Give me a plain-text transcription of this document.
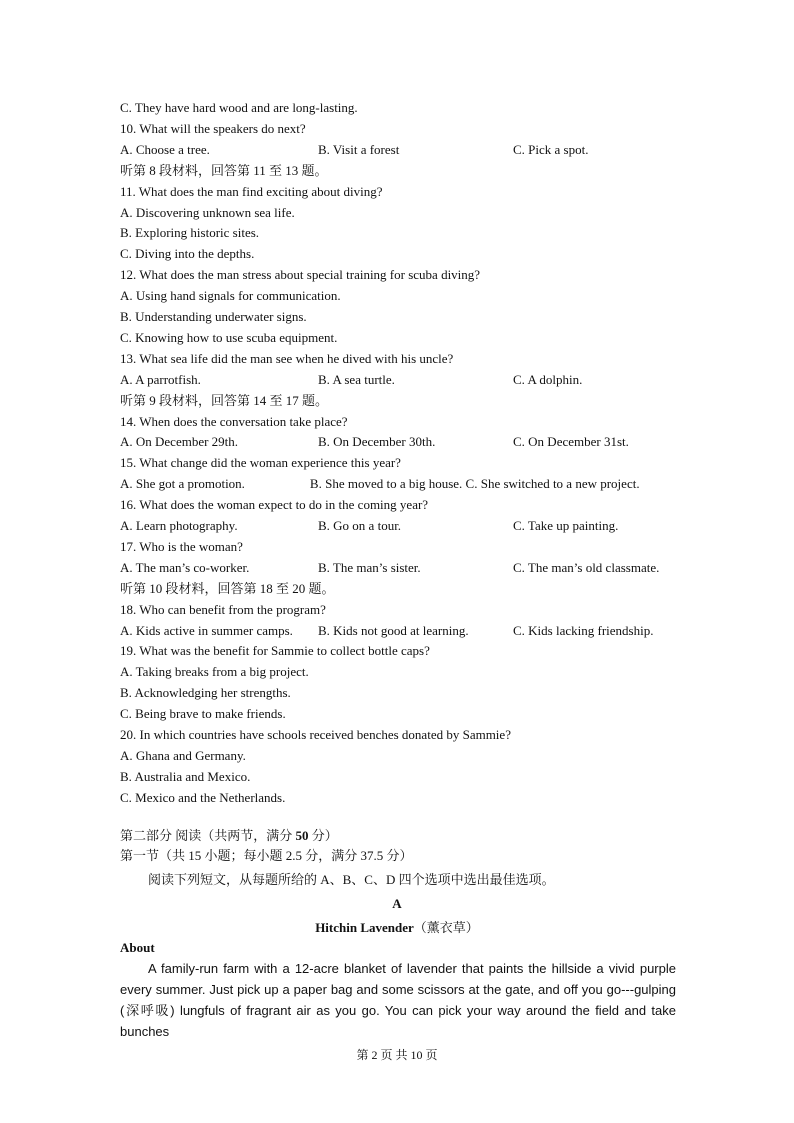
C. They have hard wood and are long-lasting.
10. What will the speakers do next?
A. Choose a tree.	B. Visit a forest	C. Pick a spot.
听第 8 段材料，回答第 11 至 13 题。
11. What does the man find exciting about diving?
A. Discovering unknown sea life.
B. Exploring historic sites.
C. Diving into the depths.
12. What does the man stress about special training for scuba diving?
A. Using hand signals for communication.
B. Understanding underwater signs.
C. Knowing how to use scuba equipment.
13. What sea life did the man see when he dived with his uncle?
A. A parrotfish.	B. A sea turtle.	C. A dolphin.
听第 9 段材料，回答第 14 至 17 题。
14. When does the conversation take place?
A. On December 29th.	B. On December 30th.	C. On December 31st.
15. What change did the woman experience this year?
A. She got a promotion.                    B. She moved to a big house. C. She switched to a new project.
16. What does the woman expect to do in the coming year?
A. Learn photography.	B. Go on a tour.	C. Take up painting.
17. Who is the woman?
A. The man’s co-worker.	B. The man’s sister.	C. The man’s old classmate.
听第 10 段材料，回答第 18 至 20 题。
18. Who can benefit from the program?
A. Kids active in summer camps. B. Kids not good at learning.	C. Kids lacking friendship.
19. What was the benefit for Sammie to collect bottle caps?
A. Taking breaks from a big project.
B. Acknowledging her strengths.
C. Being brave to make friends.
20. In which countries have schools received benches donated by Sammie?
A. Ghana and Germany.
B. Australia and Mexico.
C. Mexico and the Netherlands.
第二部分 阅读（共两节，满分 50 分）
第一节（共 15 小题；每小题 2.5 分，满分 37.5 分）
阅读下列短文，从每题所给的 A、B、C、D 四个选项中选出最佳选项。
A
Hitchin Lavender（薰衣草）
About
A family-run farm with a 12-acre blanket of lavender that paints the hillside a vivid purple every summer. Just pick up a paper bag and some scissors at the gate, and off you go---gulping (深呼吸) lungfuls of fragrant air as you go. You can pick your way around the field and take bunches
第 2 页 共 10 页
